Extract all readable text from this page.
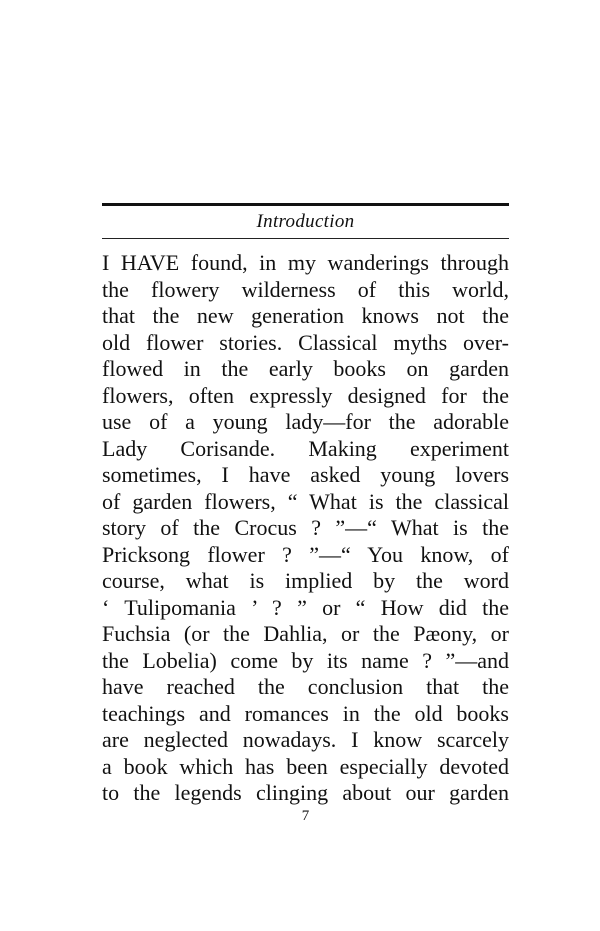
Introduction
I HAVE found, in my wanderings through
the flowery wilderness of this world,
that the new generation knows not the
old flower stories. Classical myths over-
flowed in the early books on garden
flowers, often expressly designed for the
use of a young lady—for the adorable
Lady Corisande. Making experiment
sometimes, I have asked young lovers
of garden flowers, “ What is the classical
story of the Crocus ? ”—“ What is the
Pricksong flower ? ”—“ You know, of
course, what is implied by the word
‘ Tulipomania ’ ? ” or “ How did the
Fuchsia (or the Dahlia, or the Pæony, or
the Lobelia) come by its name ? ”—and
have reached the conclusion that the
teachings and romances in the old books
are neglected nowadays. I know scarcely
a book which has been especially devoted
to the legends clinging about our garden
7
